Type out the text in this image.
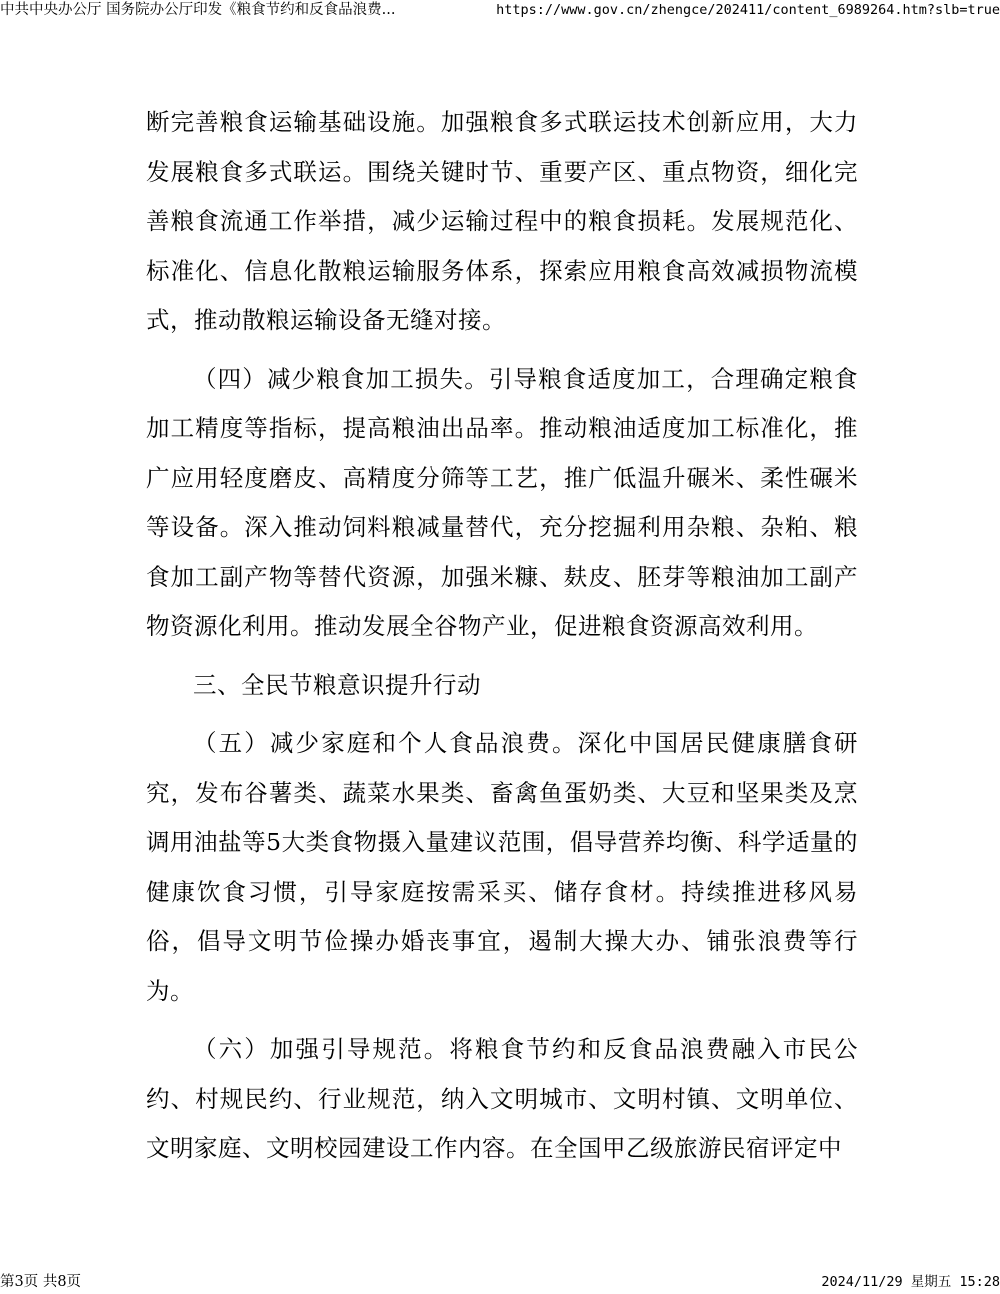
中共中央办公厅 国务院办公厅印发《粮食节约和反食品浪费...	https://www.gov.cn/zhengce/202411/content_6989264.htm?slb=true

断完善粮食运输基础设施。加强粮食多式联运技术创新应用，大力发展粮食多式联运。围绕关键时节、重要产区、重点物资，细化完善粮食流通工作举措，减少运输过程中的粮食损耗。发展规范化、标准化、信息化散粮运输服务体系，探索应用粮食高效减损物流模式，推动散粮运输设备无缝对接。

（四）减少粮食加工损失。引导粮食适度加工，合理确定粮食加工精度等指标，提高粮油出品率。推动粮油适度加工标准化，推广应用轻度磨皮、高精度分筛等工艺，推广低温升碾米、柔性碾米等设备。深入推动饲料粮减量替代，充分挖掘利用杂粮、杂粕、粮食加工副产物等替代资源，加强米糠、麸皮、胚芽等粮油加工副产物资源化利用。推动发展全谷物产业，促进粮食资源高效利用。

三、全民节粮意识提升行动

（五）减少家庭和个人食品浪费。深化中国居民健康膳食研究，发布谷薯类、蔬菜水果类、畜禽鱼蛋奶类、大豆和坚果类及烹调用油盐等5大类食物摄入量建议范围，倡导营养均衡、科学适量的健康饮食习惯，引导家庭按需采买、储存食材。持续推进移风易俗，倡导文明节俭操办婚丧事宜，遏制大操大办、铺张浪费等行为。

（六）加强引导规范。将粮食节约和反食品浪费融入市民公约、村规民约、行业规范，纳入文明城市、文明村镇、文明单位、文明家庭、文明校园建设工作内容。在全国甲乙级旅游民宿评定中

第3页 共8页	2024/11/29 星期五 15:28
